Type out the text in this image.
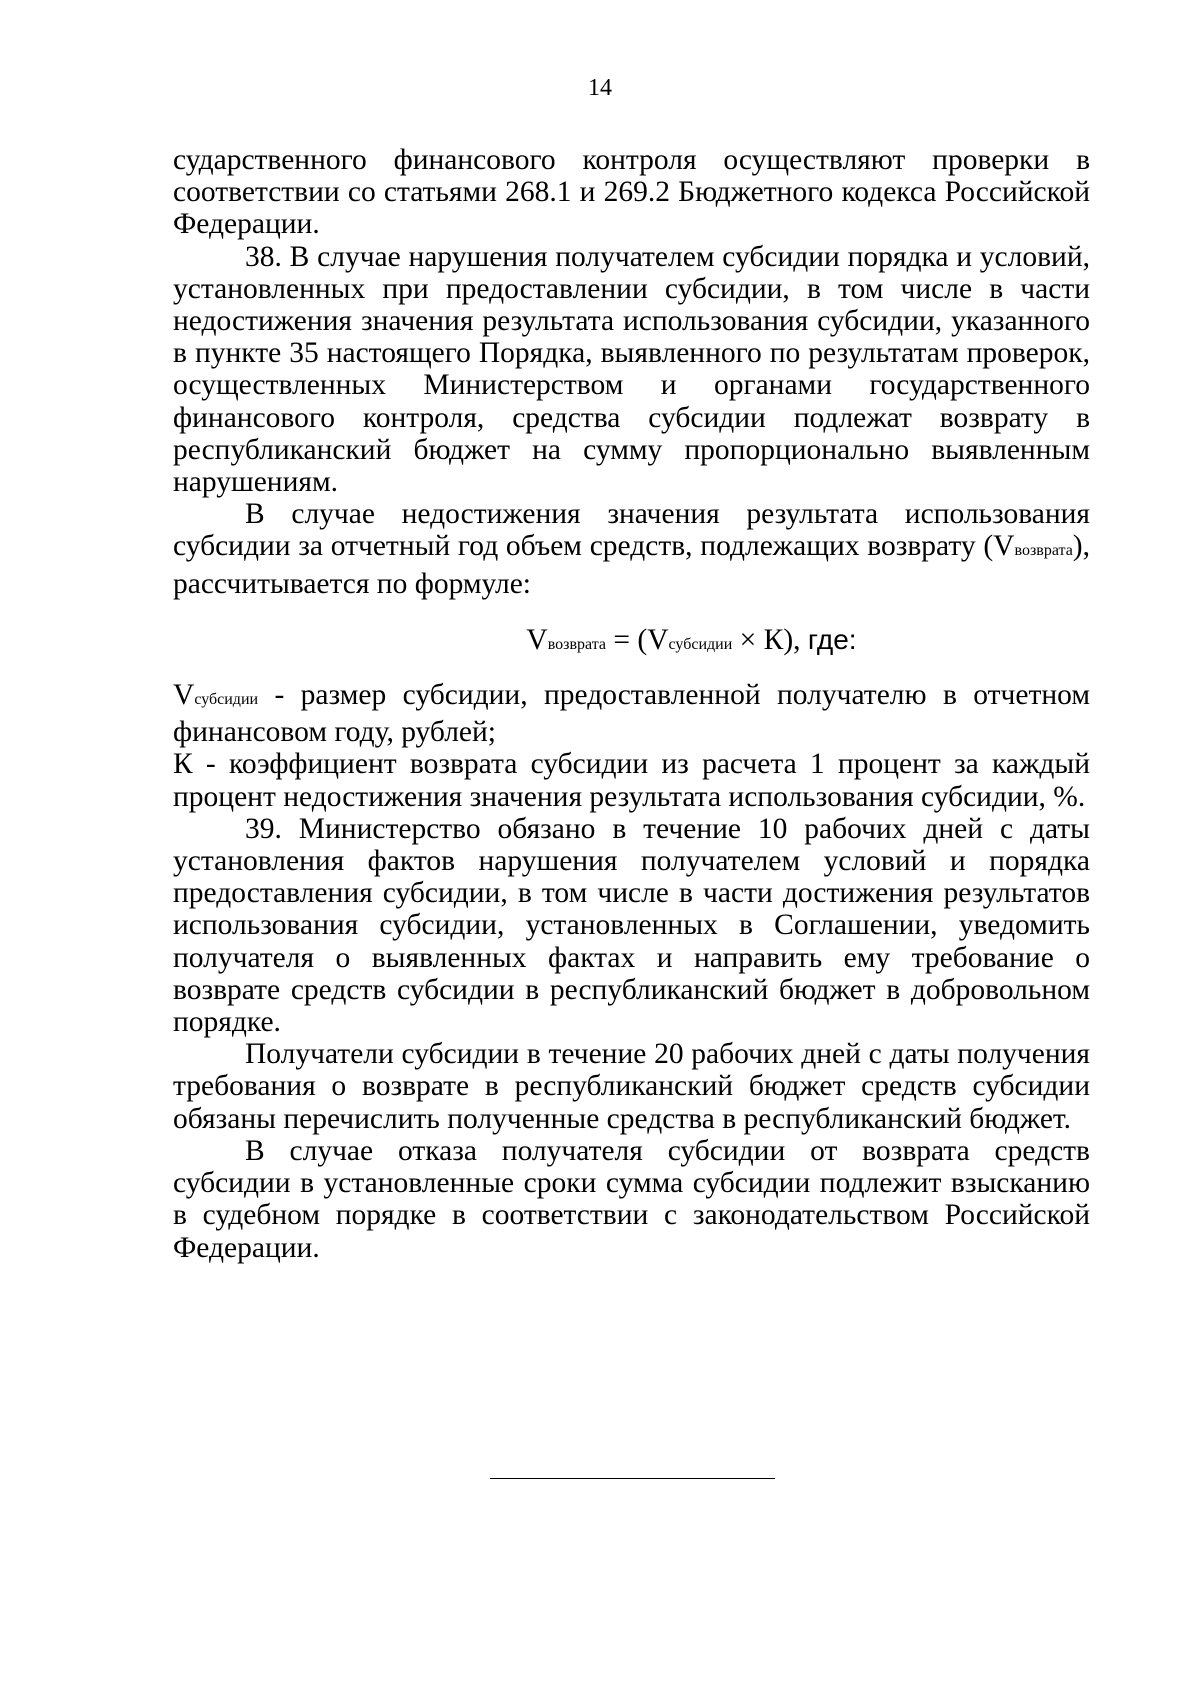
14

сударственного финансового контроля осуществляют проверки в соответствии со статьями 268.1 и 269.2 Бюджетного кодекса Российской Федерации.

38. В случае нарушения получателем субсидии порядка и условий, установленных при предоставлении субсидии, в том числе в части недостижения значения результата использования субсидии, указанного в пункте 35 настоящего Порядка, выявленного по результатам проверок, осуществленных Министерством и органами государственного финансового контроля, средства субсидии подлежат возврату в республиканский бюджет на сумму пропорционально выявленным нарушениям.

В случае недостижения значения результата использования субсидии за отчетный год объем средств, подлежащих возврату (Vвозврата), рассчитывается по формуле:

Vвозврата = (Vсубсидии × К), где:

Vсубсидии - размер субсидии, предоставленной получателю в отчетном финансовом году, рублей;

К - коэффициент возврата субсидии из расчета 1 процент за каждый процент недостижения значения результата использования субсидии, %.

39. Министерство обязано в течение 10 рабочих дней с даты установления фактов нарушения получателем условий и порядка предоставления субсидии, в том числе в части достижения результатов использования субсидии, установленных в Соглашении, уведомить получателя о выявленных фактах и направить ему требование о возврате средств субсидии в республиканский бюджет в добровольном порядке.

Получатели субсидии в течение 20 рабочих дней с даты получения требования о возврате в республиканский бюджет средств субсидии обязаны перечислить полученные средства в республиканский бюджет.

В случае отказа получателя субсидии от возврата средств субсидии в установленные сроки сумма субсидии подлежит взысканию в судебном порядке в соответствии с законодательством Российской Федерации.
